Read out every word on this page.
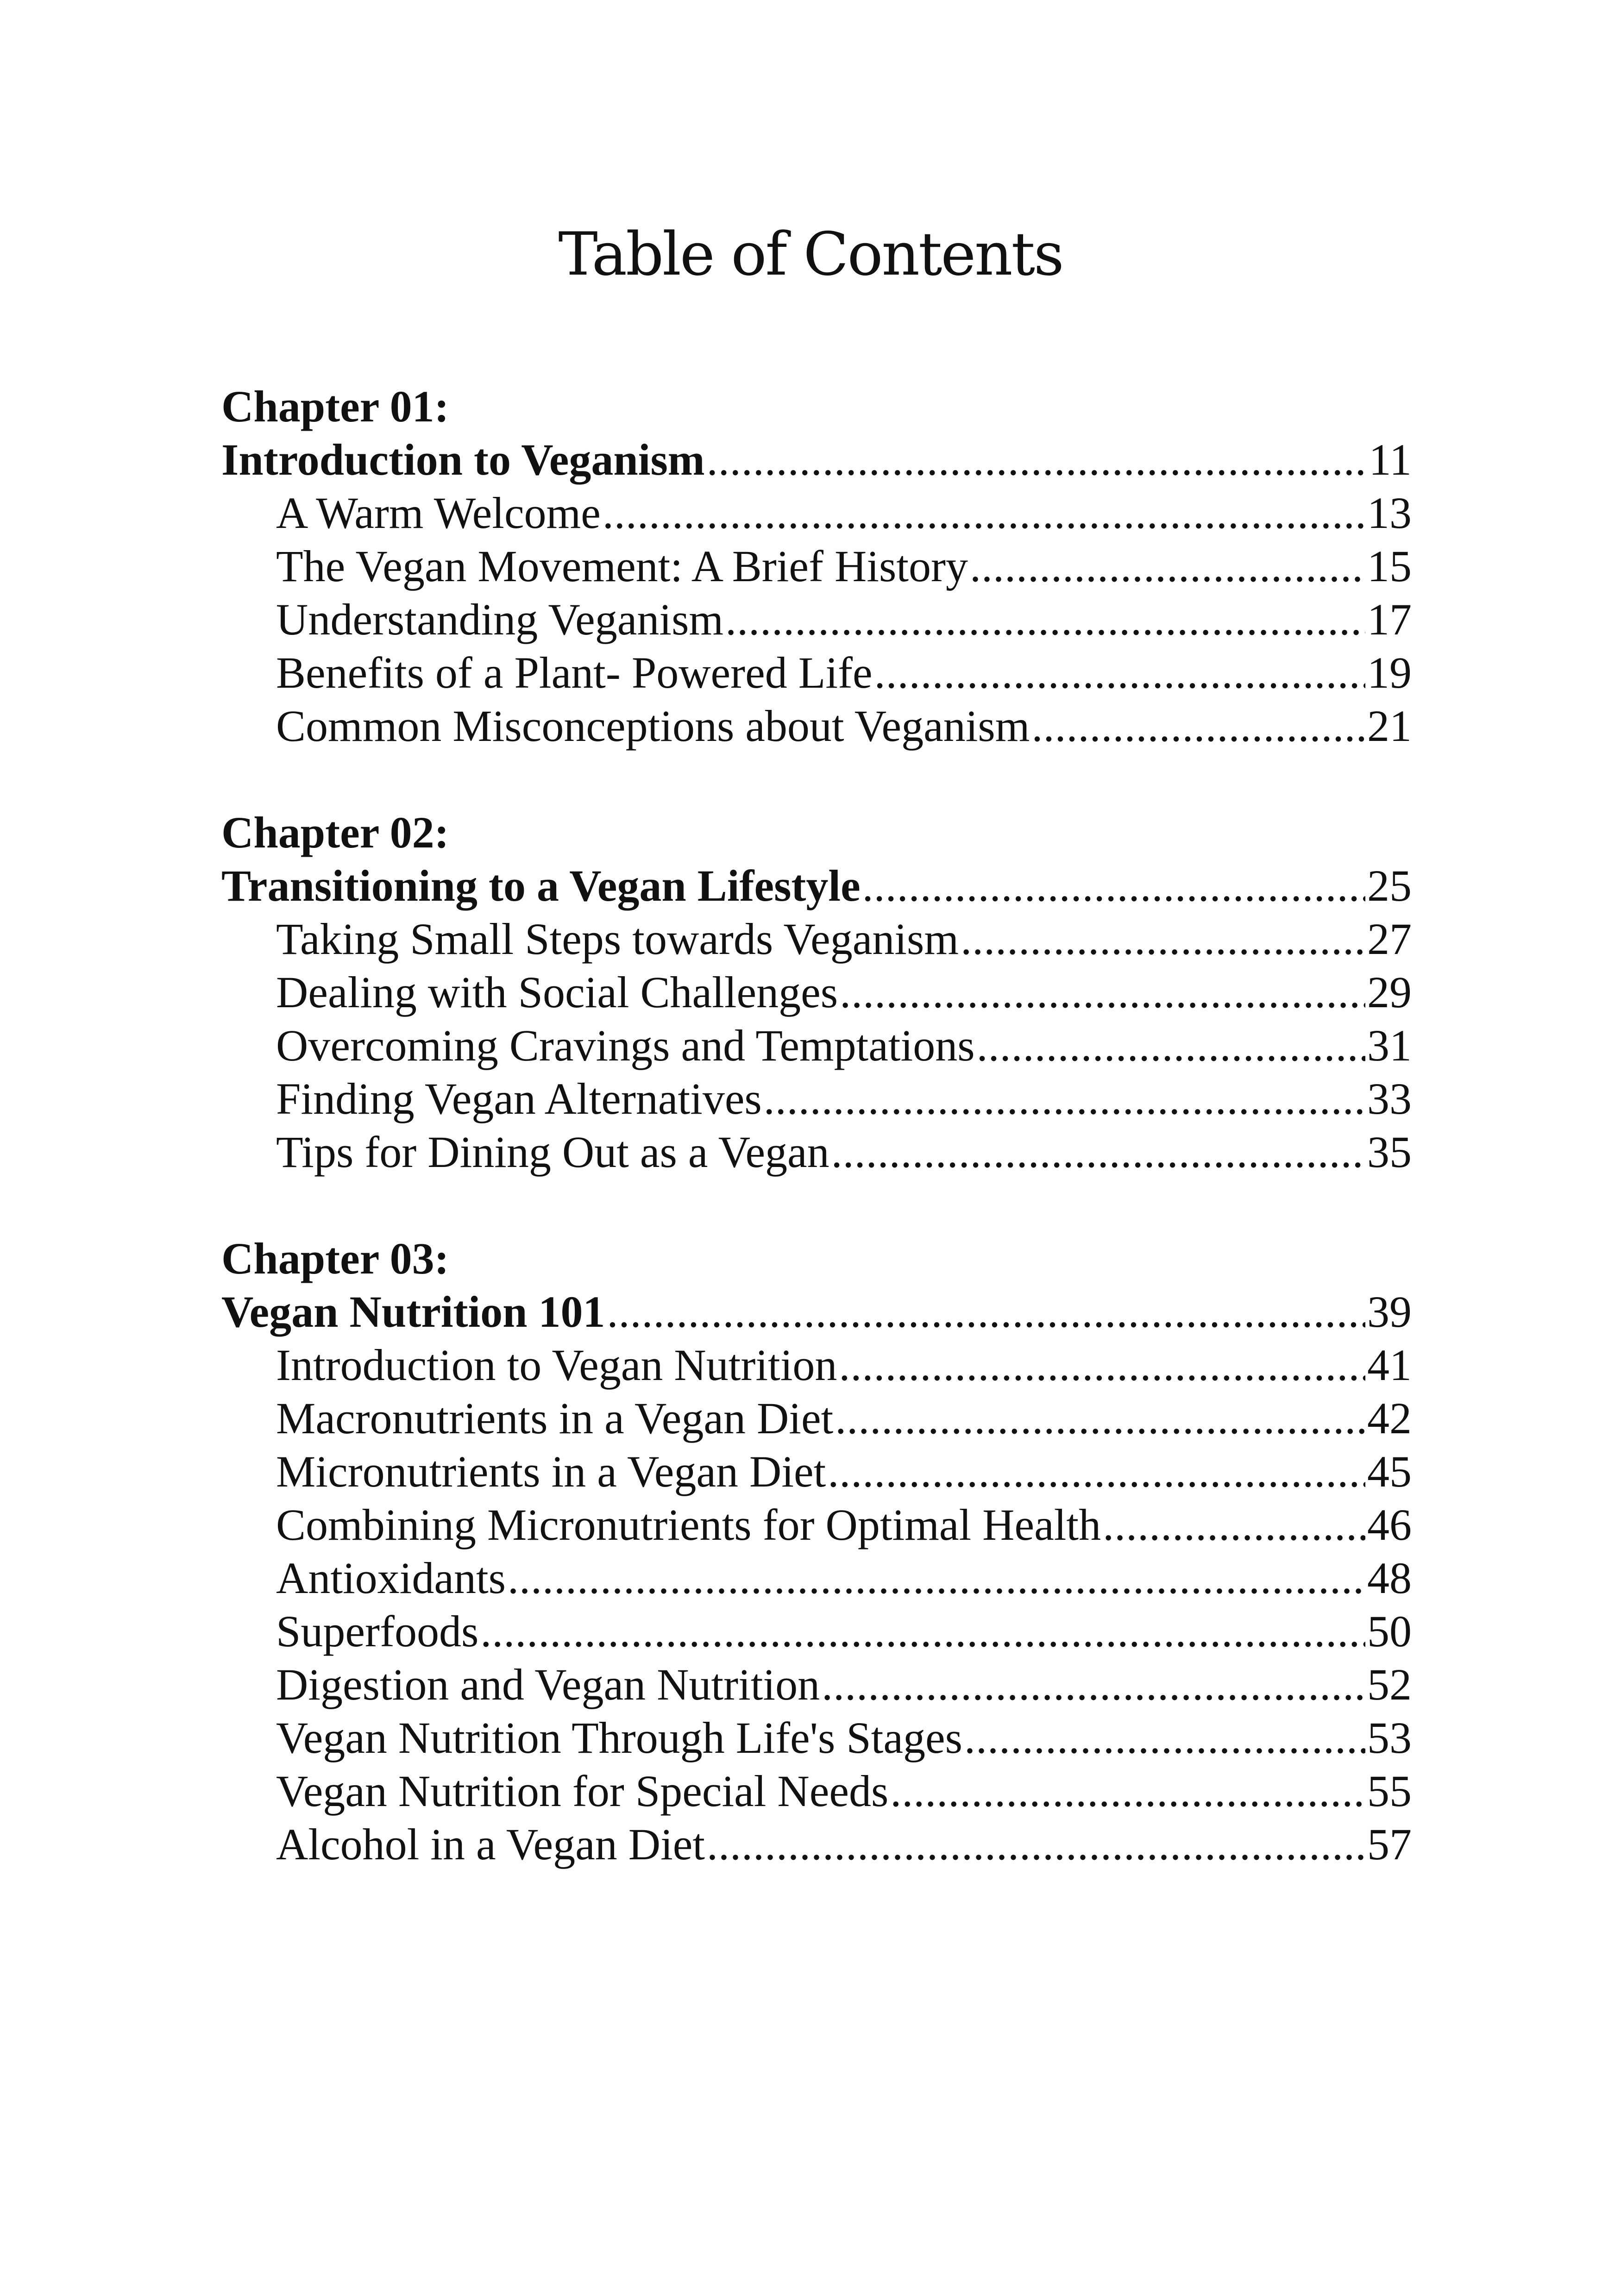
Table of Contents
Chapter 01:
Introduction to Veganism .....	11
A Warm Welcome .....	13
The Vegan Movement: A Brief History .....	15
Understanding Veganism .....	17
Benefits of a Plant- Powered Life .....	19
Common Misconceptions about Veganism .....	21
Chapter 02:
Transitioning to a Vegan Lifestyle .....	25
Taking Small Steps towards Veganism .....	27
Dealing with Social Challenges .....	29
Overcoming Cravings and Temptations .....	31
Finding Vegan Alternatives .....	33
Tips for Dining Out as a Vegan .....	35
Chapter 03:
Vegan Nutrition 101 .....	39
Introduction to Vegan Nutrition .....	41
Macronutrients in a Vegan Diet .....	42
Micronutrients in a Vegan Diet .....	45
Combining Micronutrients for Optimal Health .....	46
Antioxidants .....	48
Superfoods .....	50
Digestion and Vegan Nutrition .....	52
Vegan Nutrition Through Life's Stages .....	53
Vegan Nutrition for Special Needs .....	55
Alcohol in a Vegan Diet .....	57
